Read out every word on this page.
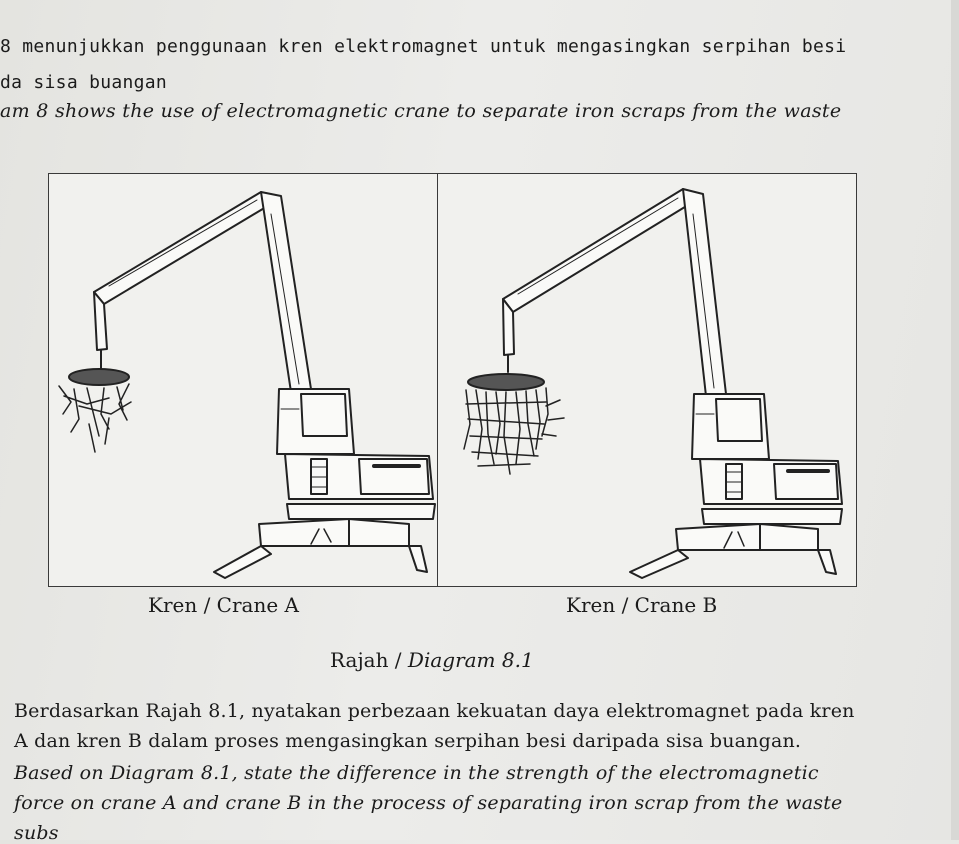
8 menunjukkan penggunaan kren elektromagnet untuk mengasingkan serpihan besi
da sisa buangan
am 8 shows the use of electromagnetic crane to separate iron scraps from the waste
Kren / Crane A	Kren / Crane B
Rajah / Diagram 8.1
Berdasarkan Rajah 8.1, nyatakan perbezaan kekuatan daya elektromagnet pada kren
A dan kren B dalam proses mengasingkan serpihan besi daripada sisa buangan.
Based on Diagram 8.1, state the difference in the strength of the electromagnetic
force on crane A and crane B in the process of separating iron scrap from the waste
subs
